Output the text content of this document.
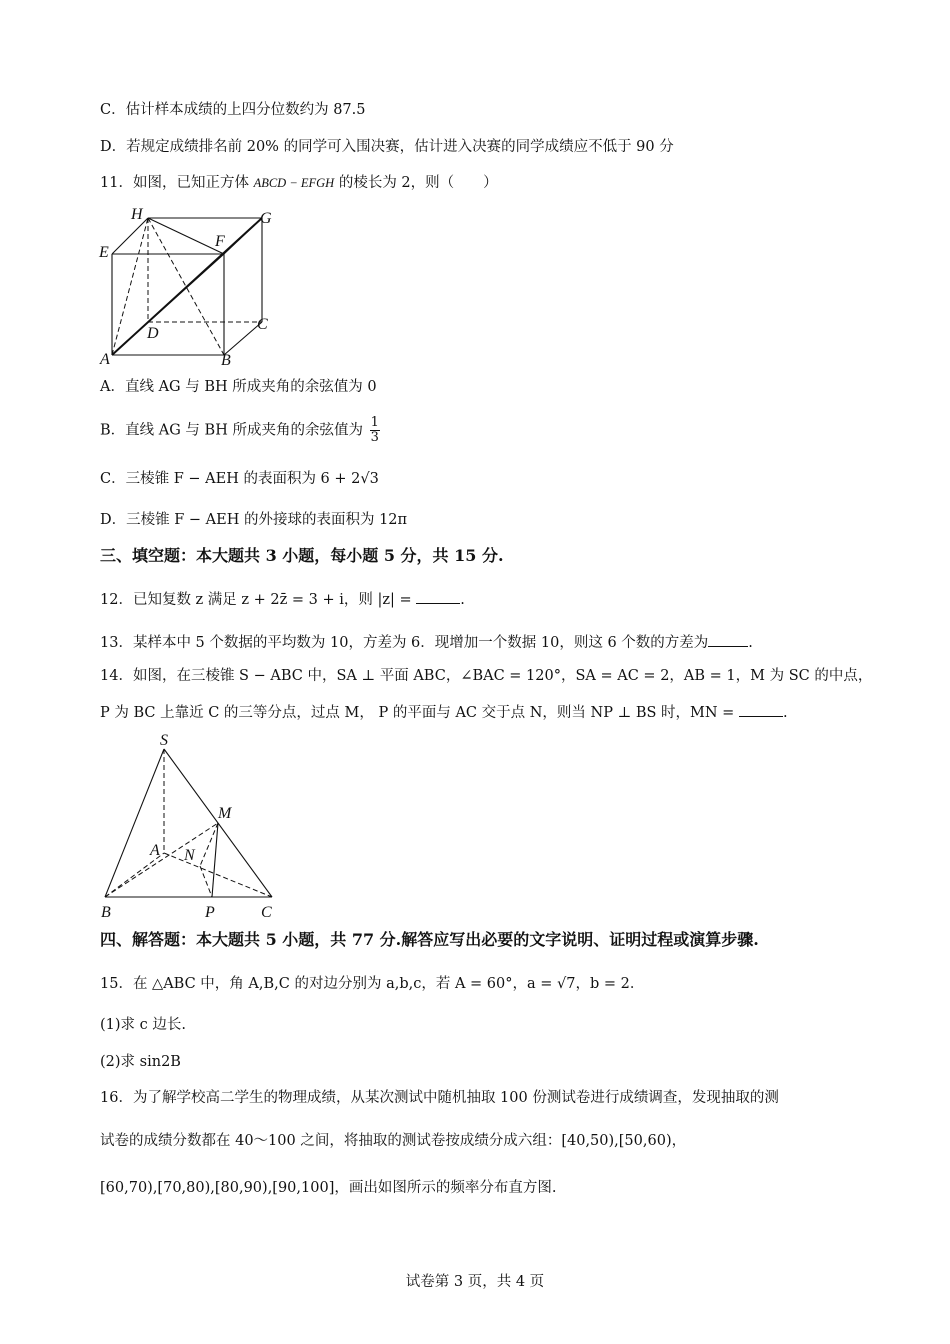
C．估计样本成绩的上四分位数约为 87.5
D．若规定成绩排名前 20% 的同学可入围决赛，估计进入决赛的同学成绩应不低于 90 分
11．如图，已知正方体 ABCD − EFGH 的棱长为 2，则（　　）
H	G
E
F
D
C
A	B
A．直线 AG 与 BH 所成夹角的余弦值为 0
B．直线 AG 与 BH 所成夹角的余弦值为 $\frac{1}{3}$
C．三棱锥 F − AEH 的表面积为 6 + 2√3
D．三棱锥 F − AEH 的外接球的表面积为 12π
三、填空题：本大题共 3 小题，每小题 5 分，共 15 分.
12．已知复数 z 满足 z + 2z̄ = 3 + i，则 |z| =	.
13．某样本中 5 个数据的平均数为 10，方差为 6．现增加一个数据 10，则这 6 个数的方差为	.
14．如图，在三棱锥 S − ABC 中，SA ⊥ 平面 ABC，∠BAC = 120°，SA = AC = 2，AB = 1，M 为 SC 的中点，
P 为 BC 上靠近 C 的三等分点，过点 M， P 的平面与 AC 交于点 N，则当 NP ⊥ BS 时，MN =	.
S
M
A N
B	P	C
四、解答题：本大题共 5 小题，共 77 分.解答应写出必要的文字说明、证明过程或演算步骤.
15．在 △ABC 中，角 A,B,C 的对边分别为 a,b,c，若 A = 60°，a = √7，b = 2．
(1)求 c 边长.
(2)求 sin2B
16．为了解学校高二学生的物理成绩，从某次测试中随机抽取 100 份测试卷进行成绩调查，发现抽取的测
试卷的成绩分数都在 40～100 之间，将抽取的测试卷按成绩分成六组：[40,50),[50,60)，
[60,70),[70,80),[80,90),[90,100]，画出如图所示的频率分布直方图.
试卷第 3 页，共 4 页
